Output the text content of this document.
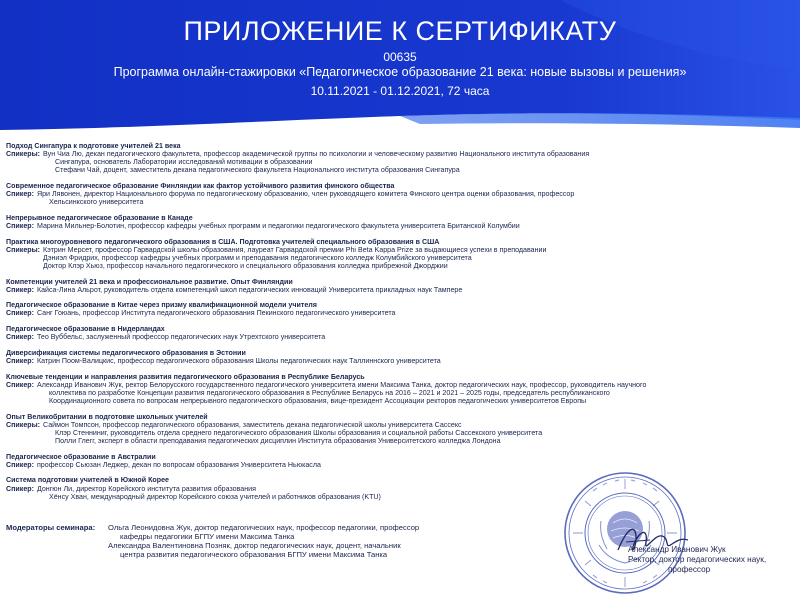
ПРИЛОЖЕНИЕ К СЕРТИФИКАТУ
00635
Программа онлайн-стажировки «Педагогическое образование 21 века: новые вызовы и решения»
10.11.2021 - 01.12.2021, 72 часа
Подход Сингапура к подготовке учителей 21 века
Спикеры: Вун Чиа Лю, декан педагогического факультета, профессор академической группы по психологии и человеческому развитию Национального института образования
Сингапура, основатель Лаборатории исследований мотивации в образовании
Стефани Чай, доцент, заместитель декана педагогического факультета Национального института образования Сингапура
Современное педагогическое образование Финляндии как фактор устойчивого развития финского общества
Спикер: Яри Лявонен, директор Национального форума по педагогическому образованию, член руководящего комитета Финского центра оценки образования, профессор
Хельсинкского университета
Непрерывное педагогическое образование в Канаде
Спикер: Марина Мильнер-Болотин, профессор кафедры учебных программ и педагогики педагогического факультета университета Британской Колумбии
Практика многоуровневого педагогического образования в США. Подготовка учителей специального образования в США
Спикеры: Кэтрин Мерсет, профессор Гарвардской школы образования, лауреат Гарвардской премии Phi Beta Kappa Prize за выдающиеся успехи в преподавании
Дэниэл Фридрих, профессор кафедры учебных программ и преподавания педагогического колледж Колумбийского университета
Доктор Клэр Хьюз, профессор начального педагогического и специального образования колледжа прибрежной Джорджии
Компетенции учителей 21 века и профессиональное развитие. Опыт Финляндии
Спикер: Кайса-Лина Альрот, руководитель отдела компетенций школ педагогических инноваций Университета прикладных наук Тампере
Педагогическое образование в Китае через призму квалификационной модели учителя
Спикер: Санг Гоюань, профессор Института педагогического образования Пекинского педагогического университета
Педагогическое образование в Нидерландах
Спикер: Тео Вуббельс, заслуженный профессор педагогических наук Утрехтского университета
Диверсификация системы педагогического образования в Эстонии
Спикер: Катрин Поом-Валицкис, профессор педагогического образования Школы педагогических наук Таллиннского университета
Ключевые тенденции и направления развития педагогического образования в Республике Беларусь
Спикер: Александр Иванович Жук, ректор Белорусского государственного педагогического университета имени Максима Танка, доктор педагогических наук, профессор, руководитель научного
коллектива по разработке Концепции развития педагогического образования в Республике Беларусь на 2016 – 2021 и 2021 – 2025 годы, председатель республиканского
Координационного совета по вопросам непрерывного педагогического образования, вице-президент Ассоциации ректоров педагогических университетов Европы
Опыт Великобритании в подготовке школьных учителей
Спикеры: Саймон Томпсон, профессор педагогического образования, заместитель декана педагогической школы университета Сассекс
Клэр Стенниниг, руководитель отдела среднего педагогического образования Школы образования и социальной работы Сассекского университета
Полли Глегг, эксперт в области преподавания педагогических дисциплин Института образования Университетского колледжа Лондона
Педагогическое образование в Австралии
Спикер: профессор Сьюзан Леджер, декан по вопросам образования Университета Ньюкасла
Система подготовки учителей в Южной Корее
Спикер: Донгюн Ли, директор Корейского института развития образования
Хёнсу Хван, международный директор Корейского союза учителей и работников образования (KTU)
Модераторы семинара:	Ольга Леонидовна Жук, доктор педагогических наук, профессор педагогики, профессор
кафедры педагогики БГПУ имени Максима Танка
Александра Валентиновна Позняк, доктор педагогических наук, доцент, начальник
центра развития педагогического образования БГПУ имени Максима Танка
Александр Иванович Жук
Ректор, доктор педагогических наук,
профессор
